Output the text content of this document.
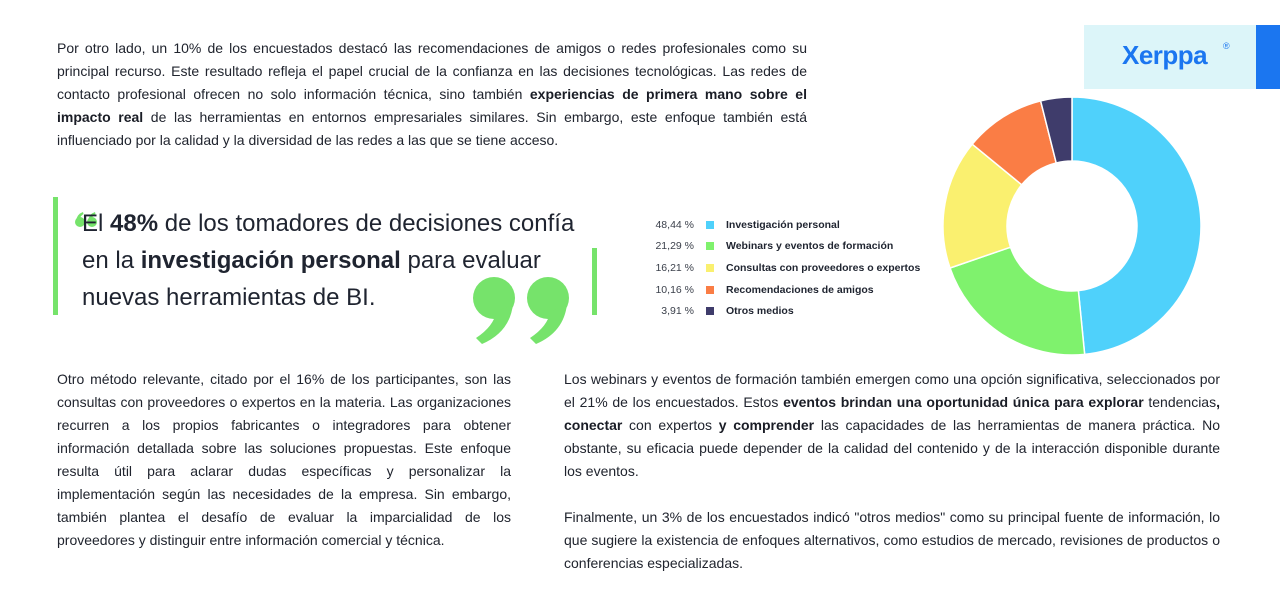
Por otro lado, un 10% de los encuestados destacó las recomendaciones de amigos o redes profesionales como su principal recurso. Este resultado refleja el papel crucial de la confianza en las decisiones tecnológicas. Las redes de contacto profesional ofrecen no solo información técnica, sino también experiencias de primera mano sobre el impacto real de las herramientas en entornos empresariales similares. Sin embargo, este enfoque también está influenciado por la calidad y la diversidad de las redes a las que se tiene acceso.
Xerppa ®
El 48% de los tomadores de decisiones confía en la investigación personal para evaluar nuevas herramientas de BI.
48,44 %	Investigación personal
21,29 %	Webinars y eventos de formación
16,21 %	Consultas con proveedores o expertos
10,16 %	Recomendaciones de amigos
3,91 %	Otros medios
Otro método relevante, citado por el 16% de los participantes, son las consultas con proveedores o expertos en la materia. Las organizaciones recurren a los propios fabricantes o integradores para obtener información detallada sobre las soluciones propuestas. Este enfoque resulta útil para aclarar dudas específicas y personalizar la implementación según las necesidades de la empresa. Sin embargo, también plantea el desafío de evaluar la imparcialidad de los proveedores y distinguir entre información comercial y técnica.
Los webinars y eventos de formación también emergen como una opción significativa, seleccionados por el 21% de los encuestados. Estos eventos brindan una oportunidad única para explorar tendencias, conectar con expertos y comprender las capacidades de las herramientas de manera práctica. No obstante, su eficacia puede depender de la calidad del contenido y de la interacción disponible durante los eventos.
Finalmente, un 3% de los encuestados indicó "otros medios" como su principal fuente de información, lo que sugiere la existencia de enfoques alternativos, como estudios de mercado, revisiones de productos o conferencias especializadas.
